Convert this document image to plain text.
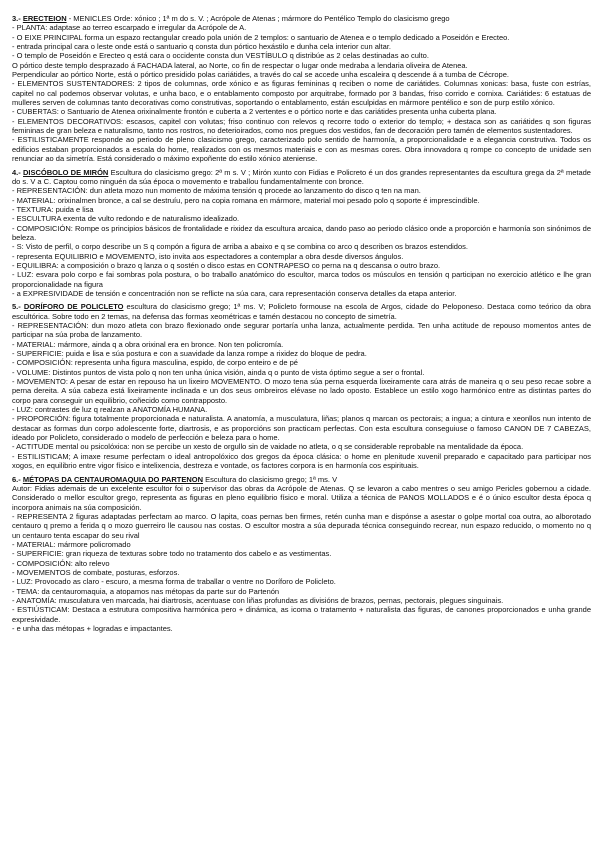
3.- ERECTEION - MENICLES Orde: xónico ; 1ª m do s. V. ; Acrópole de Atenas ; mármore do Pentélico Templo do clasicismo grego

- PLANTA: adaptase ao terreo escarpado e irregular da Acrópole de A.

- O EIXE PRINCIPAL forma un espazo rectangular creado pola unión de 2 templos: o santuario de Atenea e o templo dedicado a Poseidón e Erecteo.

- entrada principal cara o leste onde está o santuario q consta dun pórtico hexástilo e dunha cela interior cun altar.

- O templo de Poseidón e Erecteo q está cara o occidente consta dun VESTÍBULO q distribúe as 2 celas destinadas ao culto.

O pórtico deste templo desprazado á FACHADA lateral, ao Norte, co fin de respectar o lugar onde medraba a lendaria oliveira de Atenea.

Perpendicular ao pórtico Norte, está o pórtico presidido polas cariátides, a través do cal se accede unha escaleira q descende á a tumba de Cécrope.

- ELEMENTOS SUSTENTADORES: 2 tipos de columnas, orde xónico e as figuras femininas q reciben o nome de cariátides. Columnas xonicas: basa, fuste con estrías, capitel no cal podemos observar volutas, e unha baco, e o entablamento composto por arquitrabe, formado por 3 bandas, friso corrido e cornixa. Cariátides: 6 estatuas de mulleres serven de columnas tanto decorativas como construtivas, soportando o entablamento, están esculpidas en mármore pentélico e son de purp estilo xónico.

- CUBERTAS: o Santuario de Atenea orixinalmente frontón e cuberta a 2 vertentes e o pórtico norte e das cariátides presenta unha cuberta plana.

- ELEMENTOS DECORATIVOS: escasos, capitel con volutas; friso continuo con relevos q recorre todo o exterior do templo; + destaca son as cariátides q son figuras femininas de gran beleza e naturalismo, tanto nos rostros, no deterioirados, como nos pregues dos vestidos, fan de decoración pero tamén de elementos sustentadores.

- ESTILISTICAMENTE responde ao periodo de pleno clasicismo grego, caracterizado polo sentido de harmonía, a proporcionalidade e a elegancia construtiva. Todos os edificios estaban proporcionados a escala do home, realizados con os mesmos materiais e con as mesmas cores. Obra innovadora q rompe co concepto de unidade sen renunciar ao da simetría. Está considerado o máximo expoñente do estilo xónico ateniense.

4.- DISCÓBOLO DE MIRÓN Escultura do clasicismo grego: 2ª m s. V ; Mirón xunto con Fidias e Policreto é un dos grandes representantes da escultura grega da 2ª metade do s. V a C. Captou como ninguén da súa época o movemento e traballou fundamentalmente con bronce.

- REPRESENTACIÓN: dun atleta mozo nun momento de máxima tensión q procede ao lanzamento do disco q ten na man.

- MATERIAL: orixinalmen bronce, a cal se destruíu, pero na copia romana en mármore, material moi pesado polo q soporte é imprescindible.

- TEXTURA: puida e lisa

- ESCULTURA exenta de vulto redondo e de naturalismo idealizado.

- COMPOSICIÓN: Rompe os principios básicos de frontalidade e rixidez da escultura arcaica, dando paso ao periodo clásico onde a proporción e harmonía son sinónimos de beleza.

- S: Visto de perfil, o corpo describe un S q compón a figura de arriba a abaixo e q se combina co arco q describen os brazos estendidos.

- representa EQUILIBRIO e MOVEMENTO, isto invita aos espectadores a contemplar a obra desde diversos ángulos.

- EQUILIBRA: a composición o brazo q lanza o q sostén o disco estas en CONTRAPESO co perna na q descansa o outro brazo.

- LUZ: esvara polo corpo e fai sombras pola postura, o bo traballo anatómico do escultor, marca todos os músculos en tensión q participan no exercicio atlético e lhe gran proporcionalidade na figura

- a EXPRESIVIDADE de tensión e concentración non se reflicte na súa cara, cara representación conserva detalles da etapa anterior.

5.- DORÍFORO DE POLICLETO escultura do clasicismo grego; 1ª ms. V; Policleto formouse na escola de Argos, cidade do Peloponeso. Destaca como teórico da obra escultórica. Sobre todo en 2 temas, na defensa das formas xeométricas e tamén destacou no concepto de simetría.

- REPRESENTACIÓN: dun mozo atleta con brazo flexionado onde segurar portaría unha lanza, actualmente perdida. Ten unha actitude de repouso momentos antes de participar na súa proba de lanzamento.

- MATERIAL: mármore, ainda q a obra orixinal era en bronce. Non ten policromía.

- SUPERFICIE: puida e lisa e súa postura e con a suavidade da lanza rompe a rixidez do bloque de pedra.

- COMPOSICIÓN: representa unha figura masculina, espido, de corpo enteiro e de pé

- VOLUME: Distintos puntos de vista polo q non ten unha única visión, ainda q o punto de vista óptimo segue a ser o frontal.

- MOVEMENTO: A pesar de estar en repouso ha un lixeiro MOVEMENTO. O mozo tena súa perna esquerda lixeiramente cara atrás de maneira q o seu peso recae sobre a perna dereita. A súa cabeza está lixeiramente inclinada e un dos seus ombreiros elévase no lado oposto. Establece un estilo xogo harmónico entre as distintas partes do corpo para conseguir un equilibrio, coñecido como contrapposto.

- LUZ: contrastes de luz q realzan a ANATOMÍA HUMANA.

- PROPORCIÓN: figura totalmente proporcionada e naturalista. A anatomía, a musculatura, liñas; planos q marcan os pectorais; a ingua; a cintura e xeonllos nun intento de destacar as formas dun corpo adolescente forte, diartrosis, e as proporcións son practicam perfectas. Con esta escultura conseguiuse o famoso CANON DE 7 CABEZAS, ideado por Policleto, considerado o modelo de perfección e beleza para o home.

- ACTITUDE mental ou psicolóxica: non se percibe un xesto de orgullo sin de vaidade no atleta, o q se considerable reprobable na mentalidade da época.

- ESTILISTICAM; A imaxe resume perfectam o ideal antropolóxico dos gregos da época clásica: o home en plenitude xuvenil preparado e capacitado para participar nos xogos, en equilibrio entre vigor físico e intelixencia, destreza e vontade, os factores corpora is en harmonía cos espirituais.

6.- MÉTOPAS DA CENTAUROMAQUIA DO PARTENON Escultura do clasicismo grego; 1ª ms. V

Autor: Fidias ademais de un excelente escultor foi o supervisor das obras da Acrópole de Atenas. Q se levaron a cabo mentres o seu amigo Pericles gobernou a cidade. Considerado o mellor escultor grego, representa as figuras en pleno equilibrio físico e moral. Utiliza a técnica de PANOS MOLLADOS e é o único escultor desta época q incorpora animais na súa composición.

- REPRESENTA 2 figuras adaptadas perfectam ao marco. O lapita, coas pernas ben firmes, retén cunha man e dispónse a asestar o golpe mortal coa outra, ao alborotado centauro q premo a ferida q o mozo guerreiro lle causou nas costas. O escultor mostra a súa depurada técnica conseguindo recrear, nun espazo reducido, o momento no q un centauro tenta escapar do seu rival

- MATERIAL: mármore policromado

- SUPERFICIE: gran riqueza de texturas sobre todo no tratamento dos cabelo e as vestimentas.

- COMPOSICIÓN: alto relevo

- MOVEMENTOS de combate, posturas, esforzos.

- LUZ: Provocado as claro - escuro, a mesma forma de traballar o ventre no Doríforo de Policleto.

- TEMA: da centauromaquia, a atopamos nas métopas da parte sur do Partenón

- ANATOMÍA: musculatura ven marcada, hai diartrosis, acentuase con liñas profundas as divisións de brazos, pernas, pectorais, plegues singuinais.

- ESTIÚSTICAM: Destaca a estrutura compositiva harmónica pero + dinámica, as icoma o tratamento + naturalista das figuras, de canones proporcionados e unha grande expresividade.

- e unha das métopas + logradas e impactantes.
